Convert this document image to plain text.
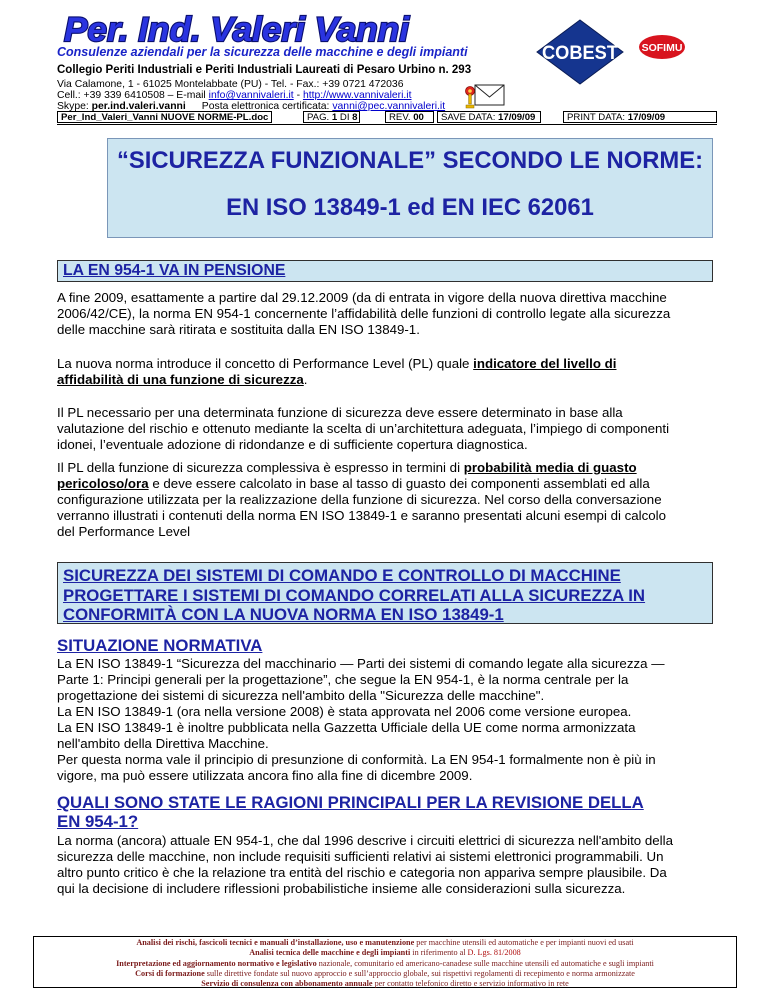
Per. Ind. Valeri Vanni
Consulenze aziendali per la sicurezza delle macchine e degli impianti
Collegio Periti Industriali e Periti Industriali Laureati di Pesaro Urbino n. 293
Via Calamone, 1 - 61025 Montelabbate (PU) - Tel. - Fax.: +39 0721 472036
Cell.: +39 339 6410508 – E-mail info@vannivaleri.it - http://www.vannivaleri.it
Skype: per.ind.valeri.vanni Posta elettronica certificata: vanni@pec.vannivaleri.it
COBEST SOFIMU
Per_Ind_Valeri_Vanni NUOVE NORME-PL.doc	PAG. 1 DI 8	REV. 00	SAVE DATA: 17/09/09	PRINT DATA: 17/09/09
“SICUREZZA FUNZIONALE” SECONDO LE NORME:
EN ISO 13849-1 ed EN IEC 62061
LA EN 954-1 VA IN PENSIONE
A fine 2009, esattamente a partire dal 29.12.2009 (da di entrata in vigore della nuova direttiva macchine
2006/42/CE), la norma EN 954-1 concernente l’affidabilità delle funzioni di controllo legate alla sicurezza
delle macchine sarà ritirata e sostituita dalla EN ISO 13849-1.
La nuova norma introduce il concetto di Performance Level (PL) quale indicatore del livello di
affidabilità di una funzione di sicurezza.
Il PL necessario per una determinata funzione di sicurezza deve essere determinato in base alla
valutazione del rischio e ottenuto mediante la scelta di un’architettura adeguata, l’impiego di componenti
idonei, l’eventuale adozione di ridondanze e di sufficiente copertura diagnostica.
Il PL della funzione di sicurezza complessiva è espresso in termini di probabilità media di guasto
pericoloso/ora e deve essere calcolato in base al tasso di guasto dei componenti assemblati ed alla
configurazione utilizzata per la realizzazione della funzione di sicurezza. Nel corso della conversazione
verranno illustrati i contenuti della norma EN ISO 13849-1 e saranno presentati alcuni esempi di calcolo
del Performance Level
SICUREZZA DEI SISTEMI DI COMANDO E CONTROLLO DI MACCHINE
PROGETTARE I SISTEMI DI COMANDO CORRELATI ALLA SICUREZZA IN
CONFORMITÀ CON LA NUOVA NORMA EN ISO 13849-1
SITUAZIONE NORMATIVA
La EN ISO 13849-1 “Sicurezza del macchinario — Parti dei sistemi di comando legate alla sicurezza —
Parte 1: Principi generali per la progettazione”, che segue la EN 954-1, è la norma centrale per la
progettazione dei sistemi di sicurezza nell'ambito della "Sicurezza delle macchine".
La EN ISO 13849-1 (ora nella versione 2008) è stata approvata nel 2006 come versione europea.
La EN ISO 13849-1 è inoltre pubblicata nella Gazzetta Ufficiale della UE come norma armonizzata
nell'ambito della Direttiva Macchine.
Per questa norma vale il principio di presunzione di conformità. La EN 954-1 formalmente non è più in
vigore, ma può essere utilizzata ancora fino alla fine di dicembre 2009.
QUALI SONO STATE LE RAGIONI PRINCIPALI PER LA REVISIONE DELLA
EN 954-1?
La norma (ancora) attuale EN 954-1, che dal 1996 descrive i circuiti elettrici di sicurezza nell'ambito della
sicurezza delle macchine, non include requisiti sufficienti relativi ai sistemi elettronici programmabili. Un
altro punto critico è che la relazione tra entità del rischio e categoria non appariva sempre plausibile. Da
qui la decisione di includere riflessioni probabilistiche insieme alle considerazioni sulla sicurezza.
Analisi dei rischi, fascicoli tecnici e manuali d’installazione, uso e manutenzione per macchine utensili ed automatiche e per impianti nuovi ed usati
Analisi tecnica delle macchine e degli impianti in riferimento al D. Lgs. 81/2008
Interpretazione ed aggiornamento normativo e legislativo nazionale, comunitario ed americano-canadese sulle macchine utensili ed automatiche e sugli impianti
Corsi di formazione sulle direttive fondate sul nuovo approccio e sull’approccio globale, sui rispettivi regolamenti di recepimento e norma armonizzate
Servizio di consulenza con abbonamento annuale per contatto telefonico diretto e servizio informativo in rete
